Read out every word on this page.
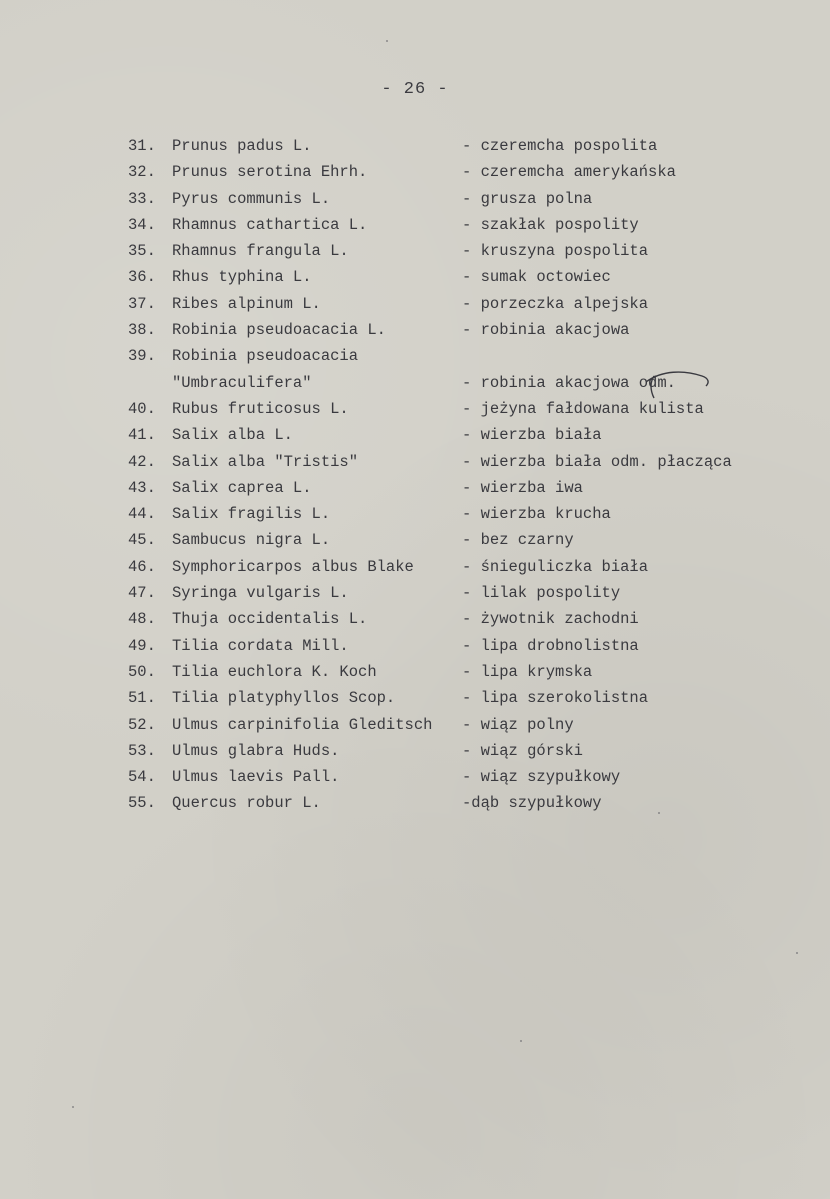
- 26 -
31.	Prunus padus L.	- czeremcha pospolita
32.	Prunus serotina Ehrh.	- czeremcha amerykańska
33.	Pyrus communis L.	- grusza polna
34.	Rhamnus cathartica L.	- szakłak pospolity
35.	Rhamnus frangula L.	- kruszyna pospolita
36.	Rhus typhina L.	- sumak octowiec
37.	Ribes alpinum L.	- porzeczka alpejska
38.	Robinia pseudoacacia L.	- robinia akacjowa
39.	Robinia pseudoacacia
"Umbraculifera"	- robinia akacjowa odm.
40.	Rubus fruticosus L.	- jeżyna fałdowana kulista
41.	Salix alba L.	- wierzba biała
42.	Salix alba "Tristis"	- wierzba biała odm. płacząca
43.	Salix caprea L.	- wierzba iwa
44.	Salix fragilis L.	- wierzba krucha
45.	Sambucus nigra L.	- bez czarny
46.	Symphoricarpos albus Blake	- śnieguliczka biała
47.	Syringa vulgaris L.	- lilak pospolity
48.	Thuja occidentalis L.	- żywotnik zachodni
49.	Tilia cordata Mill.	- lipa drobnolistna
50.	Tilia euchlora K. Koch	- lipa krymska
51.	Tilia platyphyllos Scop.	- lipa szerokolistna
52.	Ulmus carpinifolia Gleditsch - wiąz polny
53.	Ulmus glabra Huds.	- wiąz górski
54.	Ulmus laevis Pall.	- wiąz szypułkowy
55.	Quercus robur L.	-dąb szypułkowy
